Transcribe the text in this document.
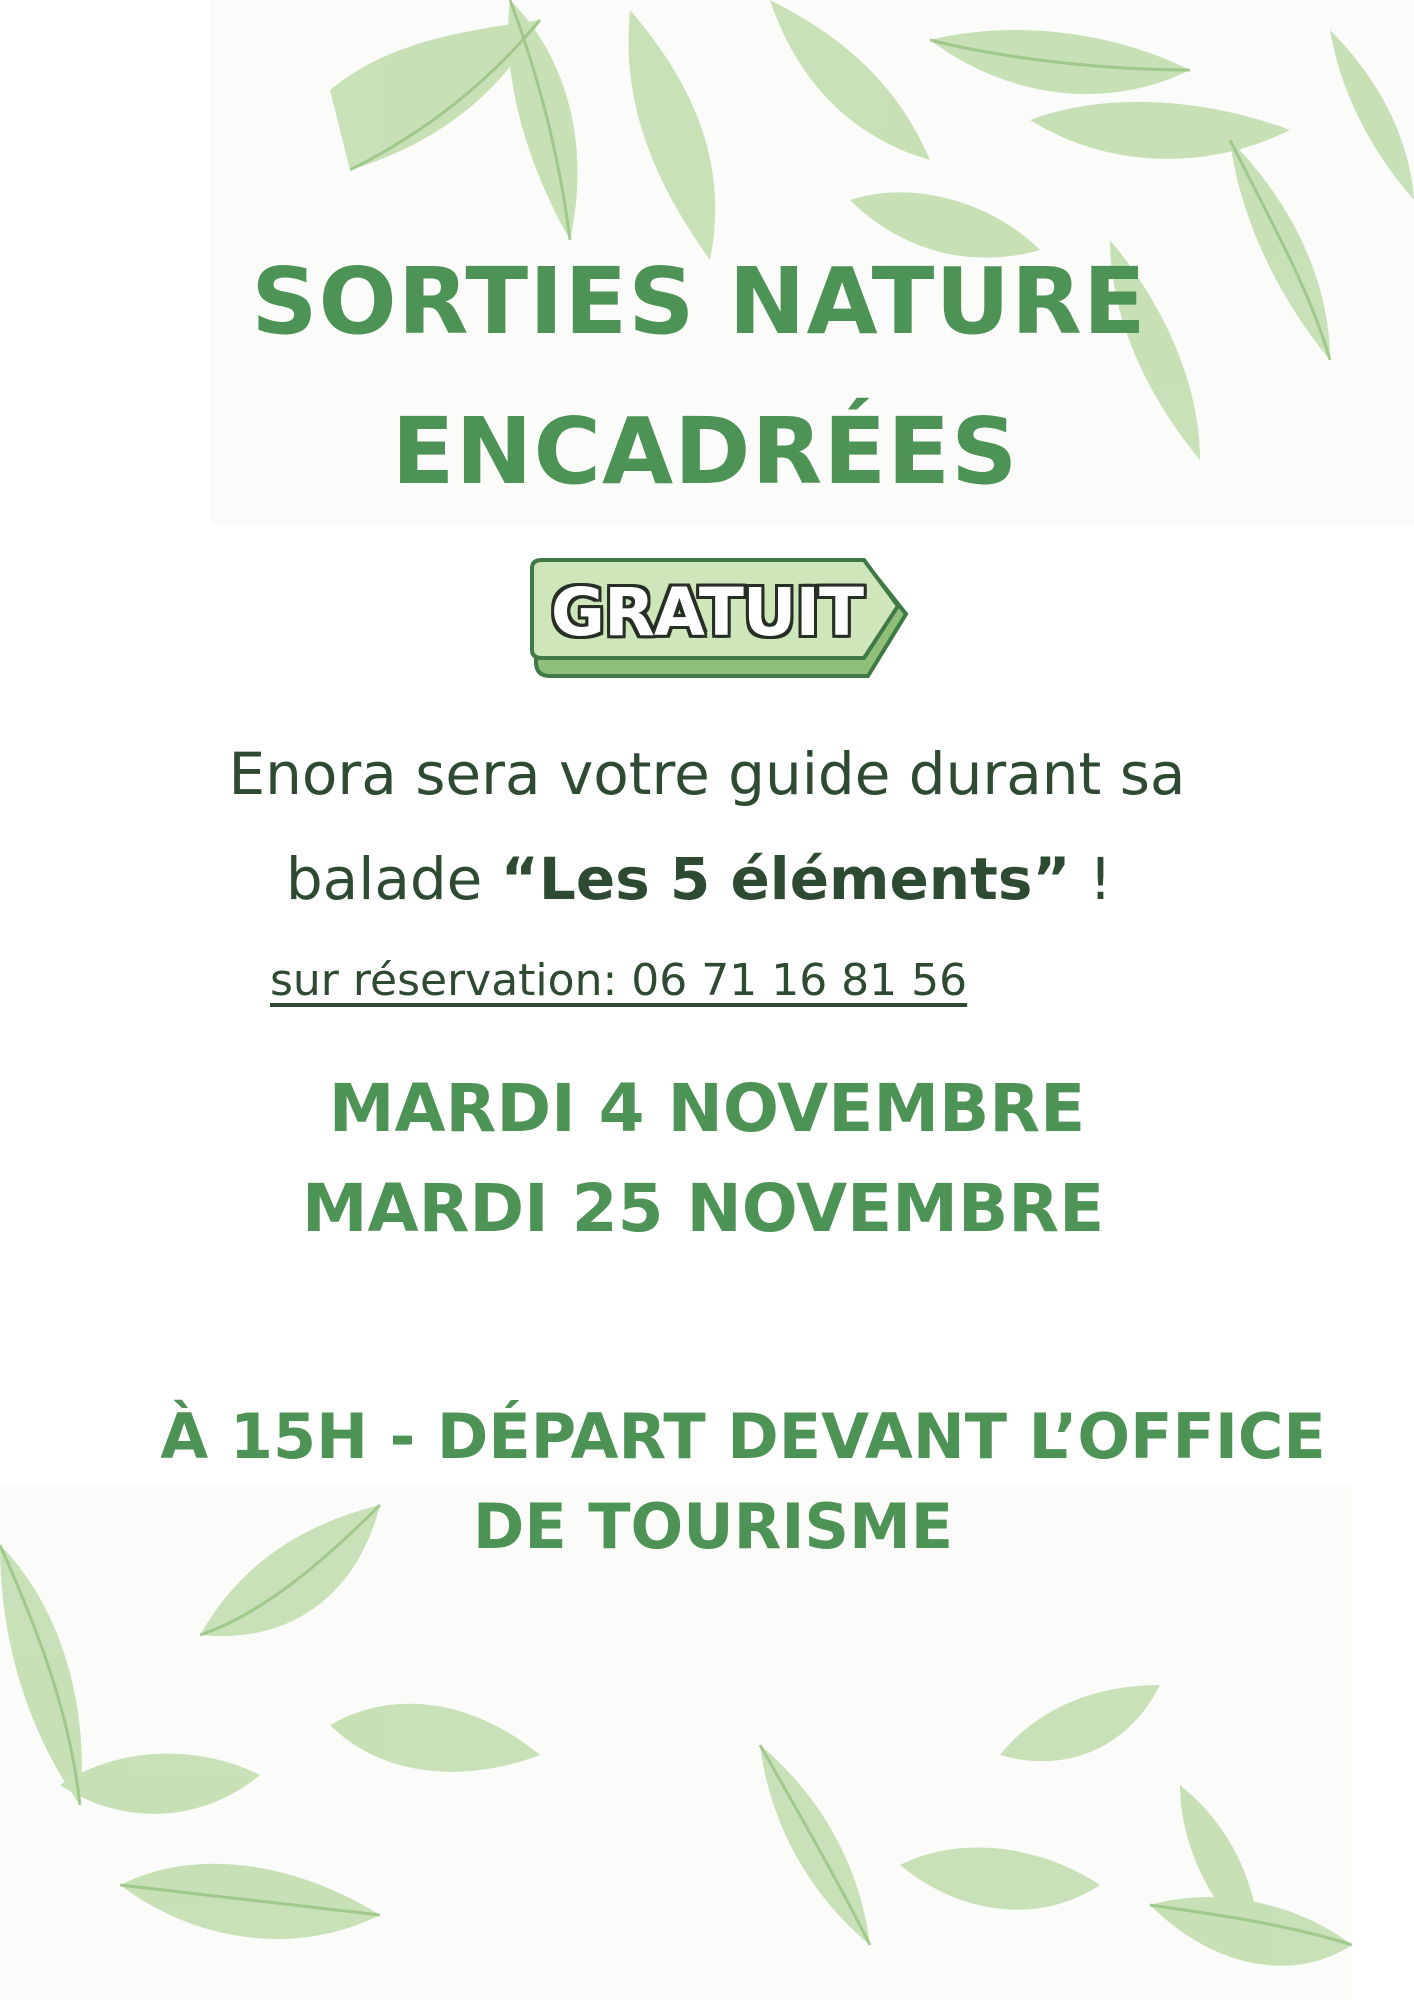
SORTIES NATURE
ENCADRÉES
GRATUIT
Enora sera votre guide durant sa
balade “Les 5 éléments” !
sur réservation: 06 71 16 81 56
MARDI 4 NOVEMBRE
MARDI 25 NOVEMBRE
À 15H - DÉPART DEVANT L’OFFICE
DE TOURISME
